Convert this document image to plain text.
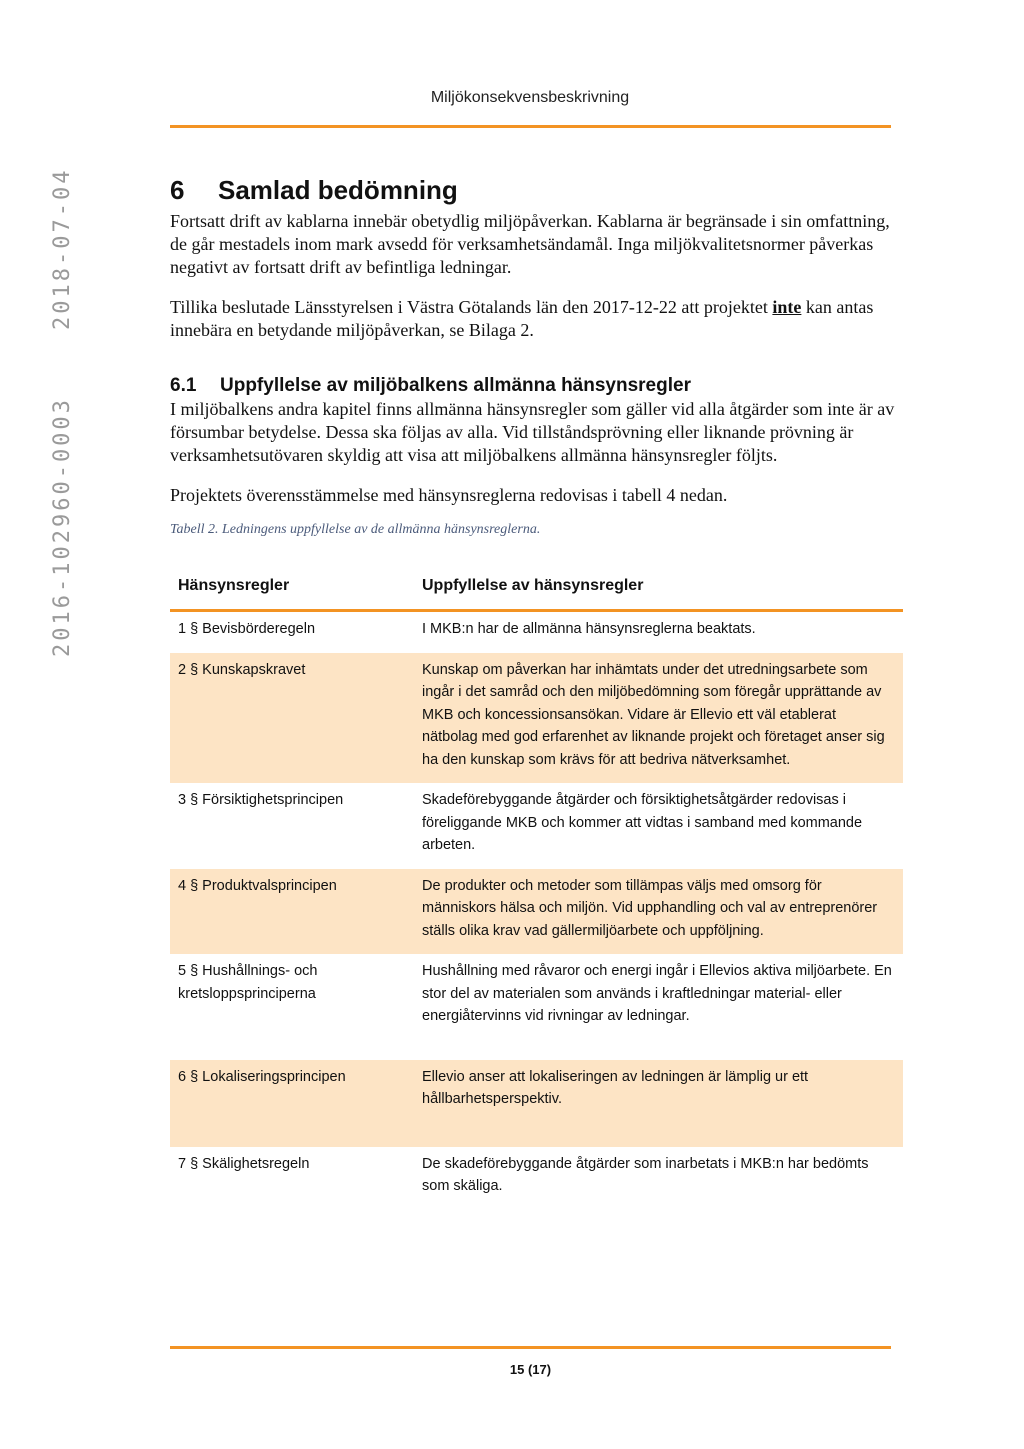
2018-07-04
2016-102960-0003
Miljökonsekvensbeskrivning
6 Samlad bedömning

Fortsatt drift av kablarna innebär obetydlig miljöpåverkan. Kablarna är begränsade i sin omfattning, de går mestadels inom mark avsedd för verksamhetsändamål. Inga miljökvalitetsnormer påverkas negativt av fortsatt drift av befintliga ledningar.

Tillika beslutade Länsstyrelsen i Västra Götalands län den 2017-12-22 att projektet inte kan antas innebära en betydande miljöpåverkan, se Bilaga 2.

6.1 Uppfyllelse av miljöbalkens allmänna hänsynsregler

I miljöbalkens andra kapitel finns allmänna hänsynsregler som gäller vid alla åtgärder som inte är av försumbar betydelse. Dessa ska följas av alla. Vid tillståndsprövning eller liknande prövning är verksamhetsutövaren skyldig att visa att miljöbalkens allmänna hänsynsregler följts.

Projektets överensstämmelse med hänsynsreglerna redovisas i tabell 4 nedan.

Tabell 2. Ledningens uppfyllelse av de allmänna hänsynsreglerna.
Hänsynsregler	Uppfyllelse av hänsynsregler
1 § Bevisbörderegeln	I MKB:n har de allmänna hänsynsreglerna beaktats.
2 § Kunskapskravet	Kunskap om påverkan har inhämtats under det utredningsarbete som ingår i det samråd och den miljöbedömning som föregår upprättande av MKB och koncessionsansökan. Vidare är Ellevio ett väl etablerat nätbolag med god erfarenhet av liknande projekt och företaget anser sig ha den kunskap som krävs för att bedriva nätverksamhet.
3 § Försiktighetsprincipen	Skadeförebyggande åtgärder och försiktighetsåtgärder redovisas i föreliggande MKB och kommer att vidtas i samband med kommande arbeten.
4 § Produktvalsprincipen	De produkter och metoder som tillämpas väljs med omsorg för människors hälsa och miljön. Vid upphandling och val av entreprenörer ställs olika krav vad gällermiljöarbete och uppföljning.
5 § Hushållnings- och kretsloppsprinciperna	Hushållning med råvaror och energi ingår i Ellevios aktiva miljöarbete. En stor del av materialen som används i kraftledningar material- eller energiåtervinns vid rivningar av ledningar.
6 § Lokaliseringsprincipen	Ellevio anser att lokaliseringen av ledningen är lämplig ur ett hållbarhetsperspektiv.
7 § Skälighetsregeln	De skadeförebyggande åtgärder som inarbetats i MKB:n har bedömts som skäliga.
15 (17)
